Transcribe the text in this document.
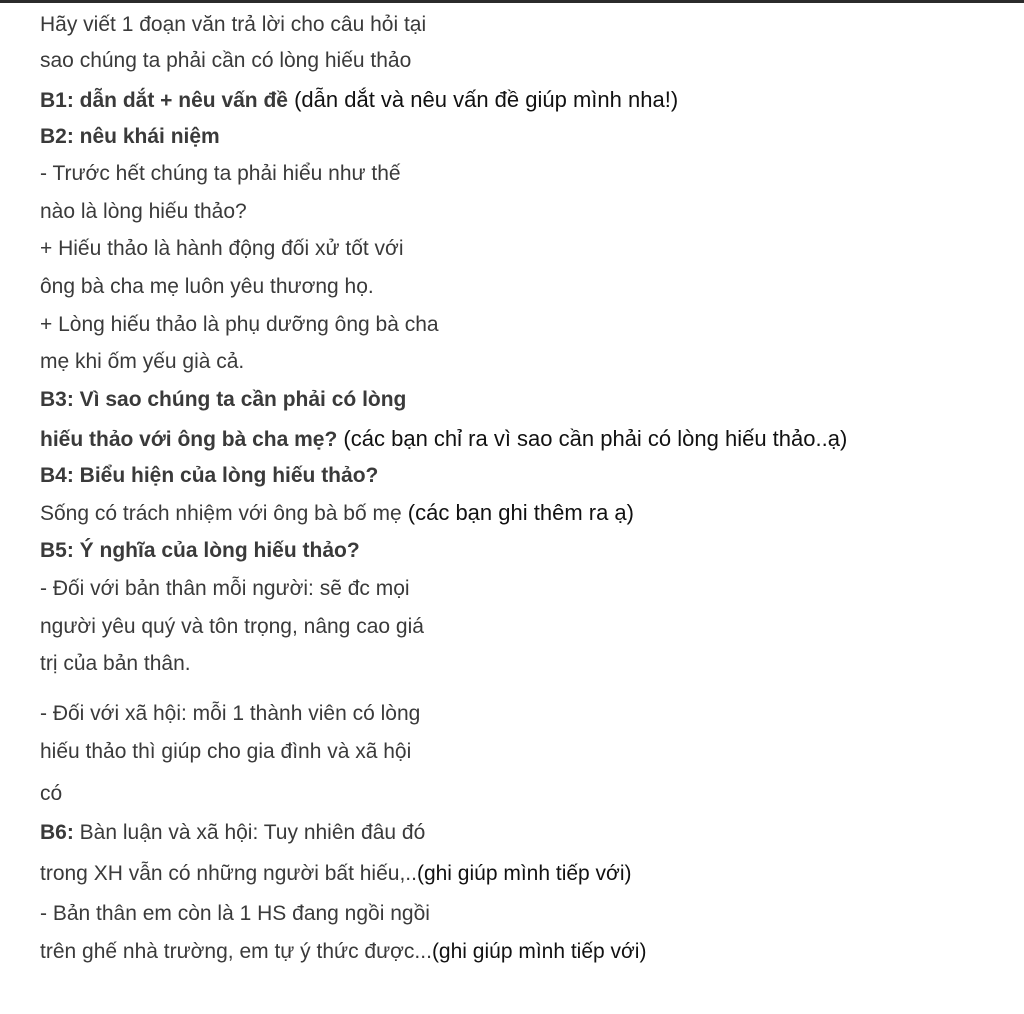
Hãy viết 1 đoạn văn trả lời cho câu hỏi tại
sao chúng ta phải cần có lòng hiếu thảo
B1: dẫn dắt + nêu vấn đề (dẫn dắt và nêu vấn đề giúp mình nha!)
B2: nêu khái niệm
- Trước hết chúng ta phải hiểu như thế
nào là lòng hiếu thảo?
+ Hiếu thảo là hành động đối xử tốt với
ông bà cha mẹ luôn yêu thương họ.
+ Lòng hiếu thảo là phụ dưỡng ông bà cha
mẹ khi ốm yếu già cả.
B3: Vì sao chúng ta cần phải có lòng
hiếu thảo với ông bà cha mẹ? (các bạn chỉ ra vì sao cần phải có lòng hiếu thảo..ạ)
B4: Biểu hiện của lòng hiếu thảo?
Sống có trách nhiệm với ông bà bố mẹ (các bạn ghi thêm ra ạ)
B5: Ý nghĩa của lòng hiếu thảo?
- Đối với bản thân mỗi người: sẽ đc mọi
người yêu quý và tôn trọng, nâng cao giá
trị của bản thân.
- Đối với xã hội: mỗi 1 thành viên có lòng
hiếu thảo thì giúp cho gia đình và xã hội
có
B6: Bàn luận và xã hội: Tuy nhiên đâu đó
trong XH vẫn có những người bất hiếu,..(ghi giúp mình tiếp với)
- Bản thân em còn là 1 HS đang ngồi ngồi
trên ghế nhà trường, em tự ý thức được...(ghi giúp mình tiếp với)
